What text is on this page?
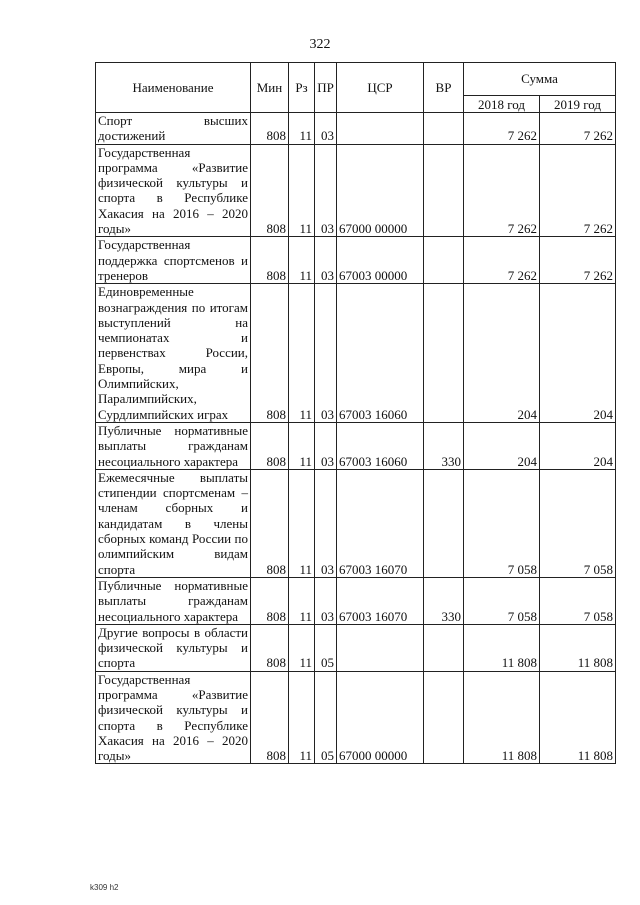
322
Наименование	Мин	Рз	ПР	ЦСР	ВР	Сумма	
						2018 год	2019 год
Спорт высших достижений	808	11	03			7 262	7 262
Государственная программа «Развитие физической культуры и спорта в Республике Хакасия на 2016 – 2020 годы»	808	11	03	67000 00000		7 262	7 262
Государственная поддержка спортсменов и тренеров	808	11	03	67003 00000		7 262	7 262
Единовременные вознаграждения по итогам выступлений на чемпионатах и первенствах России, Европы, мира и Олимпийских, Паралимпийских, Сурдлимпийских играх	808	11	03	67003 16060		204	204
Публичные нормативные выплаты гражданам несоциального характера	808	11	03	67003 16060	330	204	204
Ежемесячные выплаты стипендии спортсменам – членам сборных и кандидатам в члены сборных команд России по олимпийским видам спорта	808	11	03	67003 16070		7 058	7 058
Публичные нормативные выплаты гражданам несоциального характера	808	11	03	67003 16070	330	7 058	7 058
Другие вопросы в области физической культуры и спорта	808	11	05			11 808	11 808
Государственная программа «Развитие физической культуры и спорта в Республике Хакасия на 2016 – 2020 годы»	808	11	05	67000 00000		11 808	11 808
k309 h2
